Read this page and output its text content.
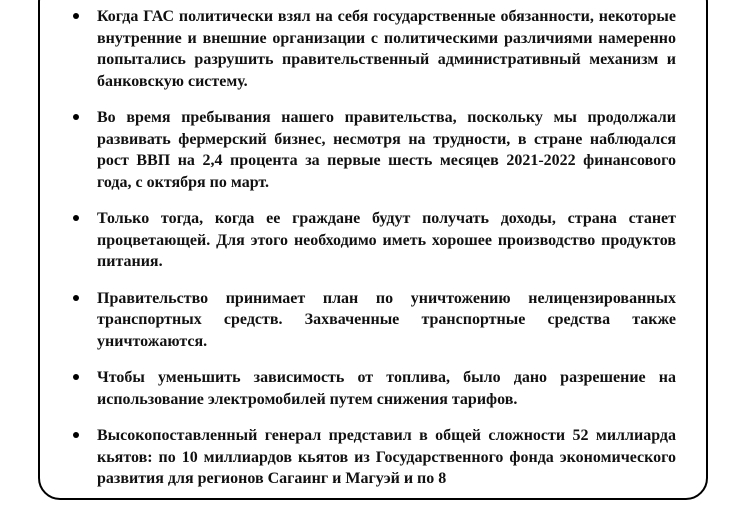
Когда ГАС политически взял на себя государственные обязанности, некоторые внутренние и внешние организации с политическими различиями намеренно попытались разрушить правительственный административный механизм и банковскую систему.
Во время пребывания нашего правительства, поскольку мы продолжали развивать фермерский бизнес, несмотря на трудности, в стране наблюдался рост ВВП на 2,4 процента за первые шесть месяцев 2021-2022 финансового года, с октября по март.
Только тогда, когда ее граждане будут получать доходы, страна станет процветающей. Для этого необходимо иметь хорошее производство продуктов питания.
Правительство принимает план по уничтожению нелицензированных транспортных средств. Захваченные транспортные средства также уничтожаются.
Чтобы уменьшить зависимость от топлива, было дано разрешение на использование электромобилей путем снижения тарифов.
Высокопоставленный генерал представил в общей сложности 52 миллиарда кьятов: по 10 миллиардов кьятов из Государственного фонда экономического развития для регионов Сагаинг и Магуэй и по 8
